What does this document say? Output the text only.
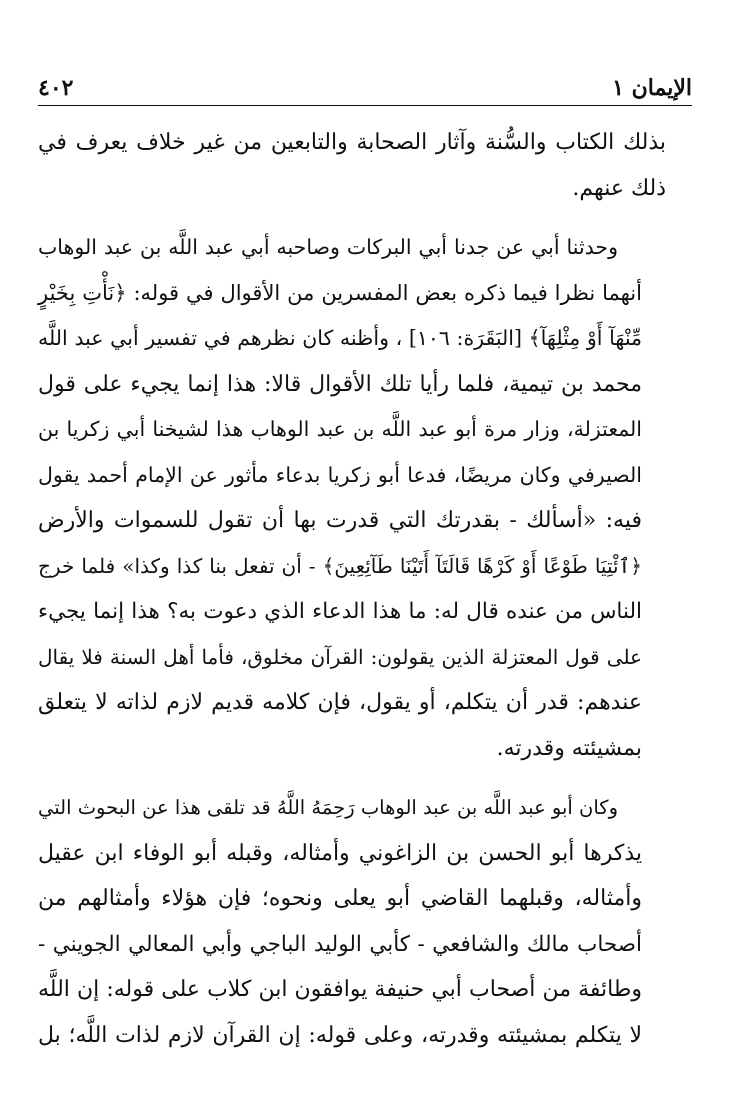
٤٠٢	الإيمان ١

بذلك الكتاب والسُّنة وآثار الصحابة والتابعين من غير خلاف يعرف في
ذلك عنهم.

وحدثنا أبي عن جدنا أبي البركات وصاحبه أبي عبد اللَّه بن عبد الوهاب
أنهما نظرا فيما ذكره بعض المفسرين من الأقوال في قوله: ﴿نَأْتِ بِخَيْرٍ
مِّنْهَآ أَوْ مِثْلِهَآ﴾ [البَقَرَة: ١٠٦] ، وأظنه كان نظرهم في تفسير أبي عبد اللَّه
محمد بن تيمية، فلما رأيا تلك الأقوال قالا: هذا إنما يجيء على قول
المعتزلة، وزار مرة أبو عبد اللَّه بن عبد الوهاب هذا لشيخنا أبي زكريا بن
الصيرفي وكان مريضًا، فدعا أبو زكريا بدعاء مأثور عن الإمام أحمد يقول
فيه: «أسألك - بقدرتك التي قدرت بها أن تقول للسموات والأرض
﴿ٱئْتِيَا طَوْعًا أَوْ كَرْهًا قَالَتَآ أَتَيْنَا طَآئِعِينَ﴾ - أن تفعل بنا كذا وكذا» فلما خرج
الناس من عنده قال له: ما هذا الدعاء الذي دعوت به؟ هذا إنما يجيء
على قول المعتزلة الذين يقولون: القرآن مخلوق، فأما أهل السنة فلا يقال
عندهم: قدر أن يتكلم، أو يقول، فإن كلامه قديم لازم لذاته لا يتعلق
بمشيئته وقدرته.

وكان أبو عبد اللَّه بن عبد الوهاب رَحِمَهُ اللَّهُ قد تلقى هذا عن البحوث التي
يذكرها أبو الحسن بن الزاغوني وأمثاله، وقبله أبو الوفاء ابن عقيل
وأمثاله، وقبلهما القاضي أبو يعلى ونحوه؛ فإن هؤلاء وأمثالهم من
أصحاب مالك والشافعي - كأبي الوليد الباجي وأبي المعالي الجويني -
وطائفة من أصحاب أبي حنيفة يوافقون ابن كلاب على قوله: إن اللَّه
لا يتكلم بمشيئته وقدرته، وعلى قوله: إن القرآن لازم لذات اللَّه؛ بل
